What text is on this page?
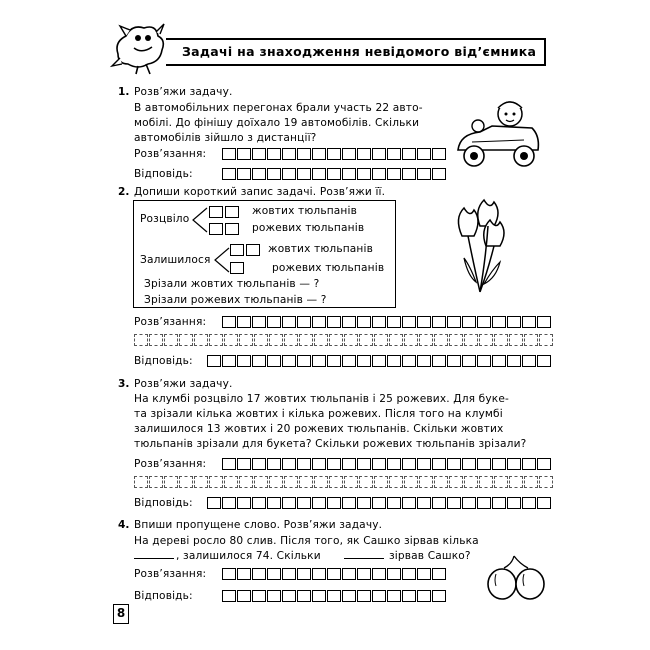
Задачі на знаходження невідомого від’ємника
1. Розв’яжи задачу.
В автомобільних перегонах брали участь 22 авто-
мобілі. До фінішу доїхало 19 автомобілів. Скільки
автомобілів зійшло з дистанції?
Розв’язання:
Відповідь:
2. Допиши короткий запис задачі. Розв’яжи її.
Розцвіло
жовтих тюльпанів
рожевих тюльпанів
Залишилося
жовтих тюльпанів
рожевих тюльпанів
Зрізали жовтих тюльпанів — ?
Зрізали рожевих тюльпанів — ?
Розв’язання:
Відповідь:
3. Розв’яжи задачу.
На клумбі розцвіло 17 жовтих тюльпанів і 25 рожевих. Для буке-
та зрізали кілька жовтих і кілька рожевих. Після того на клумбі
залишилося 13 жовтих і 20 рожевих тюльпанів. Скільки жовтих
тюльпанів зрізали для букета? Скільки рожевих тюльпанів зрізали?
Розв’язання:
Відповідь:
4. Впиши пропущене слово. Розв’яжи задачу.
На дереві росло 80 слив. Після того, як Сашко зірвав кілька
, залишилося 74. Скільки	зірвав Сашко?
Розв’язання:
Відповідь:
8
